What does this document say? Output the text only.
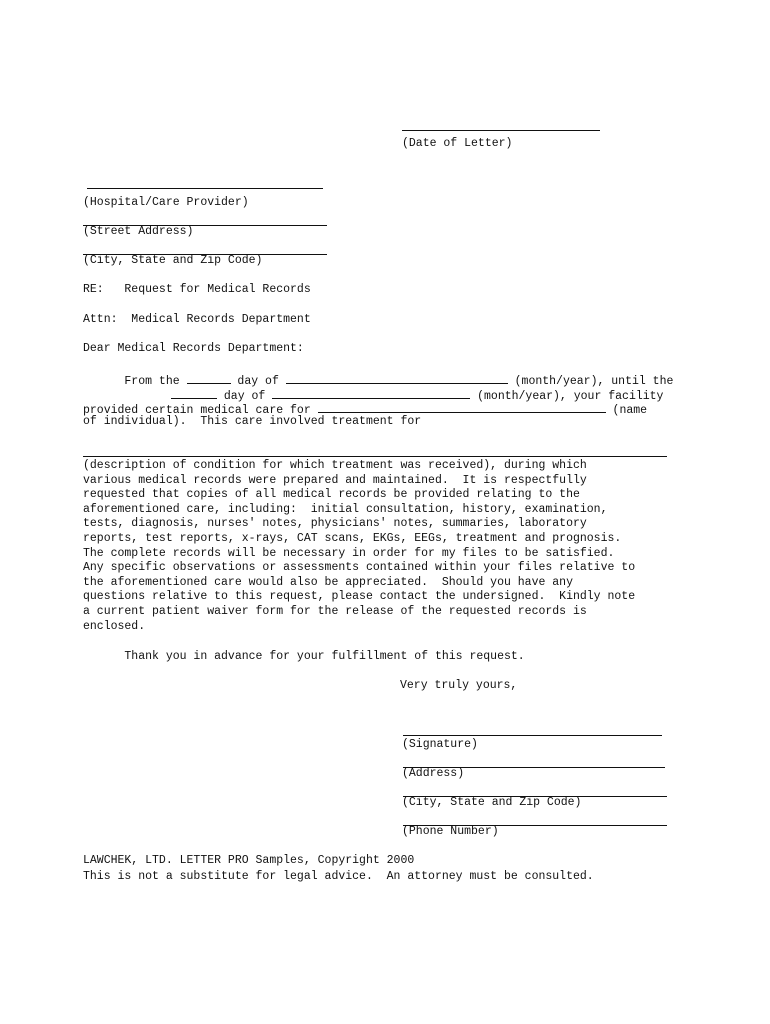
(Date of Letter)
(Hospital/Care Provider)
(Street Address)
(City, State and Zip Code)
RE:   Request for Medical Records
Attn:  Medical Records Department
Dear Medical Records Department:
From the	day of	(month/year), until the
day of	(month/year), your facility
provided certain medical care for	(name
of individual).  This care involved treatment for
(description of condition for which treatment was received), during which
various medical records were prepared and maintained.  It is respectfully
requested that copies of all medical records be provided relating to the
aforementioned care, including:  initial consultation, history, examination,
tests, diagnosis, nurses' notes, physicians' notes, summaries, laboratory
reports, test reports, x-rays, CAT scans, EKGs, EEGs, treatment and prognosis.
The complete records will be necessary in order for my files to be satisfied.
Any specific observations or assessments contained within your files relative to
the aforementioned care would also be appreciated.  Should you have any
questions relative to this request, please contact the undersigned.  Kindly note
a current patient waiver form for the release of the requested records is
enclosed.
Thank you in advance for your fulfillment of this request.
Very truly yours,
(Signature)
(Address)
(City, State and Zip Code)
(Phone Number)
LAWCHEK, LTD. LETTER PRO Samples, Copyright 2000
This is not a substitute for legal advice.  An attorney must be consulted.
